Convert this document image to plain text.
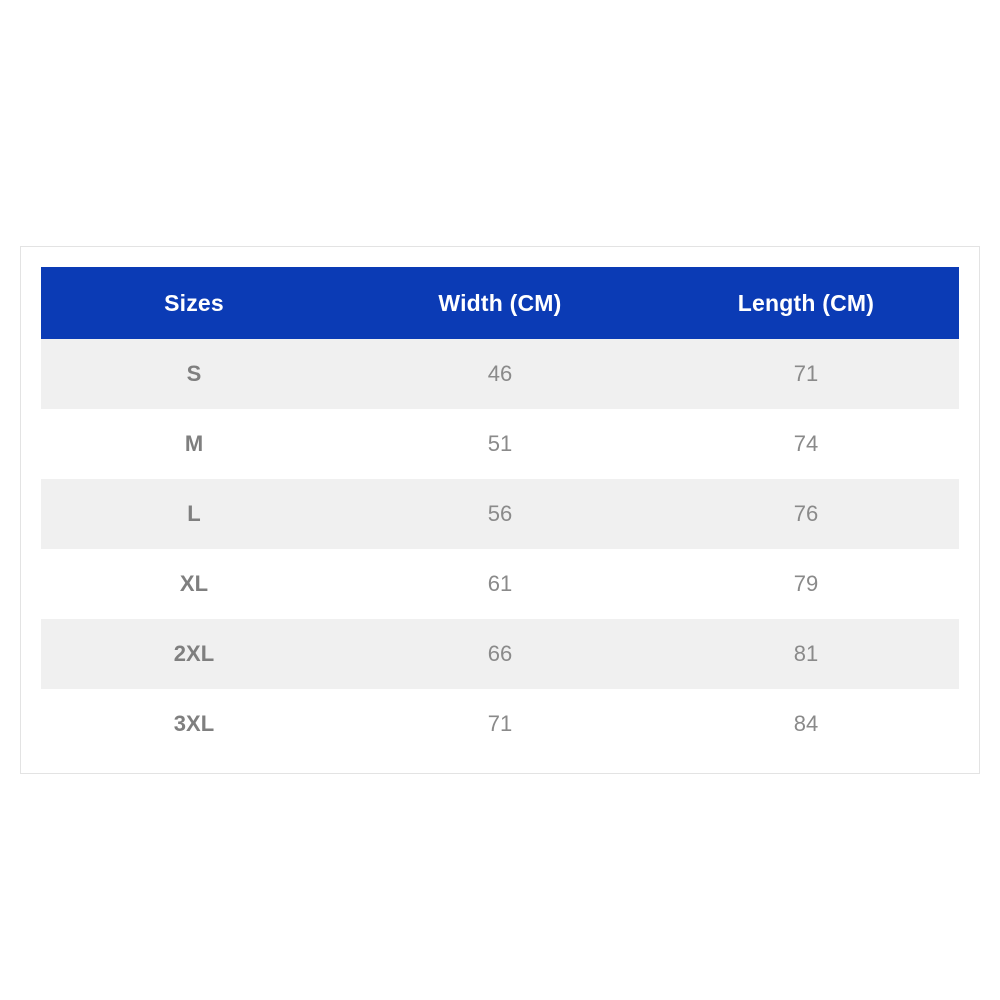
Sizes	Width (CM)	Length (CM)
S	46	71
M	51	74
L	56	76
XL	61	79
2XL	66	81
3XL	71	84
